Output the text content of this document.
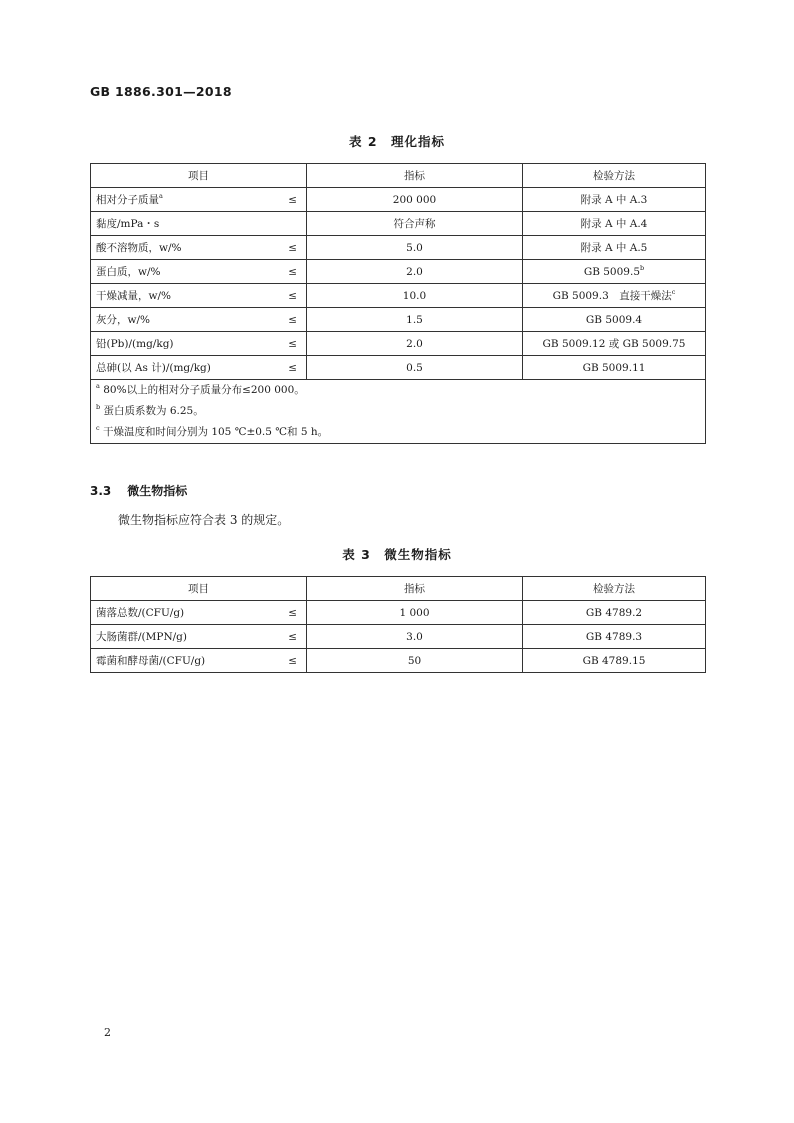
GB 1886.301—2018
表 2　理化指标
项目	指标	检验方法

相对分子质量$^a$ ≤	200 000	附录 A 中 A.3

黏度/mPa・s	符合声称	附录 A 中 A.4

酸不溶物质，w/% ≤	5.0	附录 A 中 A.5

蛋白质，w/% ≤	2.0	GB 5009.5$^b$

干燥减量，w/% ≤	10.0	GB 5009.3　直接干燥法$^c$

灰分，w/% ≤	1.5	GB 5009.4

铅(Pb)/(mg/kg) ≤	2.0	GB 5009.12 或 GB 5009.75

总砷(以 As 计)/(mg/kg) ≤	0.5	GB 5009.11

$^a$ 80%以上的相对分子质量分布≤200 000。
$^b$ 蛋白质系数为 6.25。
$^c$ 干燥温度和时间分别为 105 ℃±0.5 ℃和 5 h。		
3.3 微生物指标
微生物指标应符合表 3 的规定。
表 3　微生物指标
项目	指标	检验方法

菌落总数/(CFU/g) ≤	1 000	GB 4789.2

大肠菌群/(MPN/g) ≤	3.0	GB 4789.3

霉菌和酵母菌/(CFU/g) ≤	50	GB 4789.15
2
